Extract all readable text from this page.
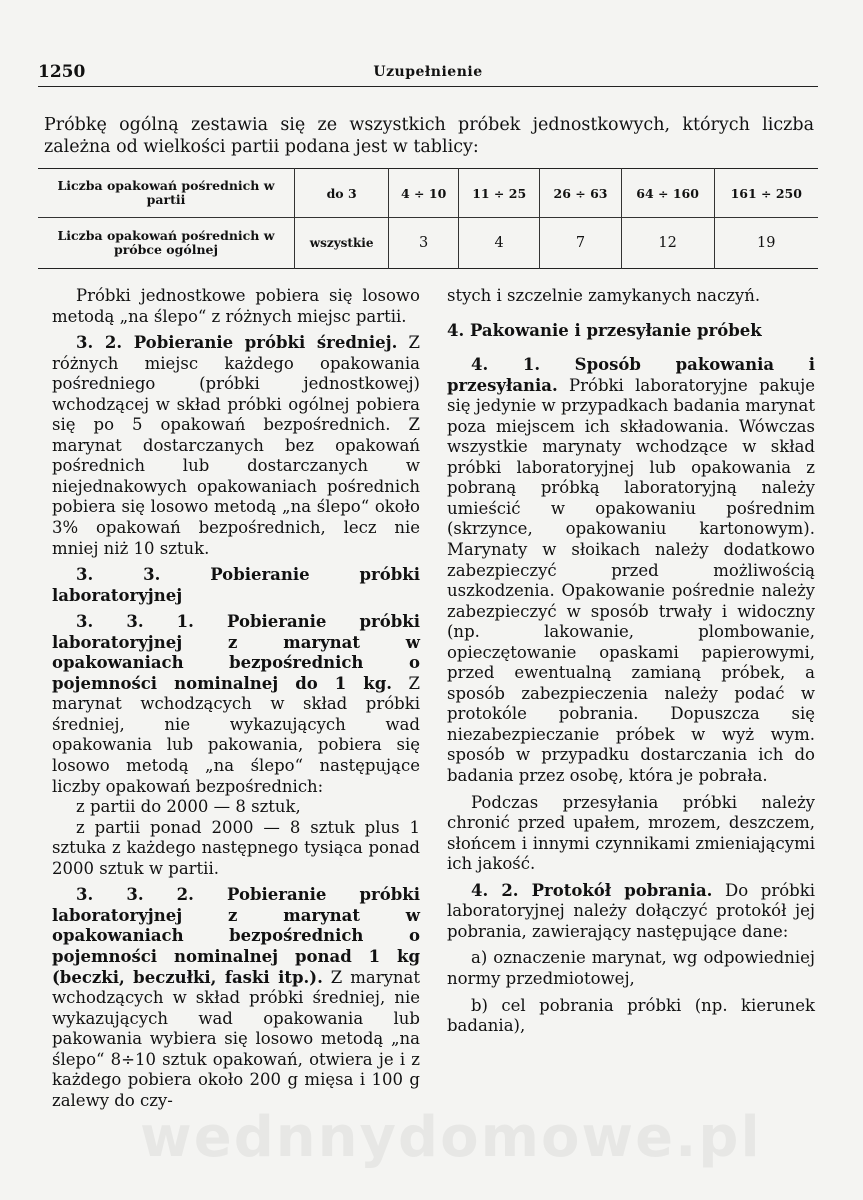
1250	Uzupełnienie
Próbkę ogólną zestawia się ze wszystkich próbek jednostkowych, których liczba zależna od wielkości partii podana jest w tablicy:
Liczba opakowań pośrednich w partii	do 3	4 ÷ 10	11 ÷ 25	26 ÷ 63	64 ÷ 160	161 ÷ 250
Liczba opakowań pośrednich w próbce ogólnej	wszystkie	3	4	7	12	19

Próbki jednostkowe pobiera się losowo metodą „na ślepo“ z różnych miejsc partii.

3. 2. Pobieranie próbki średniej. Z różnych miejsc każdego opakowania pośredniego (próbki jednostkowej) wchodzącej w skład próbki ogólnej pobiera się po 5 opakowań bezpośrednich. Z marynat dostarczanych bez opakowań pośrednich lub dostarczanych w niejednakowych opakowaniach pośrednich pobiera się losowo metodą „na ślepo“ około 3% opakowań bezpośrednich, lecz nie mniej niż 10 sztuk.

3. 3. Pobieranie próbki laboratoryjnej

3. 3. 1. Pobieranie próbki laboratoryjnej z marynat w opakowaniach bezpośrednich o pojemności nominalnej do 1 kg. Z marynat wchodzących w skład próbki średniej, nie wykazujących wad opakowania lub pakowania, pobiera się losowo metodą „na ślepo“ następujące liczby opakowań bezpośrednich:

z partii do 2000 — 8 sztuk,

z partii ponad 2000 — 8 sztuk plus 1 sztuka z każdego następnego tysiąca ponad 2000 sztuk w partii.

3. 3. 2. Pobieranie próbki laboratoryjnej z marynat w opakowaniach bezpośrednich o pojemności nominalnej ponad 1 kg (beczki, beczułki, faski itp.). Z marynat wchodzących w skład próbki średniej, nie wykazujących wad opakowania lub pakowania wybiera się losowo metodą „na ślepo“ 8÷10 sztuk opakowań, otwiera je i z każdego pobiera około 200 g mięsa i 100 g zalewy do czy-

stych i szczelnie zamykanych naczyń.

4. Pakowanie i przesyłanie próbek

4. 1. Sposób pakowania i przesyłania. Próbki laboratoryjne pakuje się jedynie w przypadkach badania marynat poza miejscem ich składowania. Wówczas wszystkie marynaty wchodzące w skład próbki laboratoryjnej lub opakowania z pobraną próbką laboratoryjną należy umieścić w opakowaniu pośrednim (skrzynce, opakowaniu kartonowym). Marynaty w słoikach należy dodatkowo zabezpieczyć przed możliwością uszkodzenia. Opakowanie pośrednie należy zabezpieczyć w sposób trwały i widoczny (np. lakowanie, plombowanie, opieczętowanie opaskami papierowymi, przed ewentualną zamianą próbek, a sposób zabezpieczenia należy podać w protokóle pobrania. Dopuszcza się niezabezpieczanie próbek w wyż wym. sposób w przypadku dostarczania ich do badania przez osobę, która je pobrała.

Podczas przesyłania próbki należy chronić przed upałem, mrozem, deszczem, słońcem i innymi czynnikami zmieniającymi ich jakość.

4. 2. Protokół pobrania. Do próbki laboratoryjnej należy dołączyć protokół jej pobrania, zawierający następujące dane:

a) oznaczenie marynat, wg odpowiedniej normy przedmiotowej,

b) cel pobrania próbki (np. kierunek badania),

wednnydomowe.pl
